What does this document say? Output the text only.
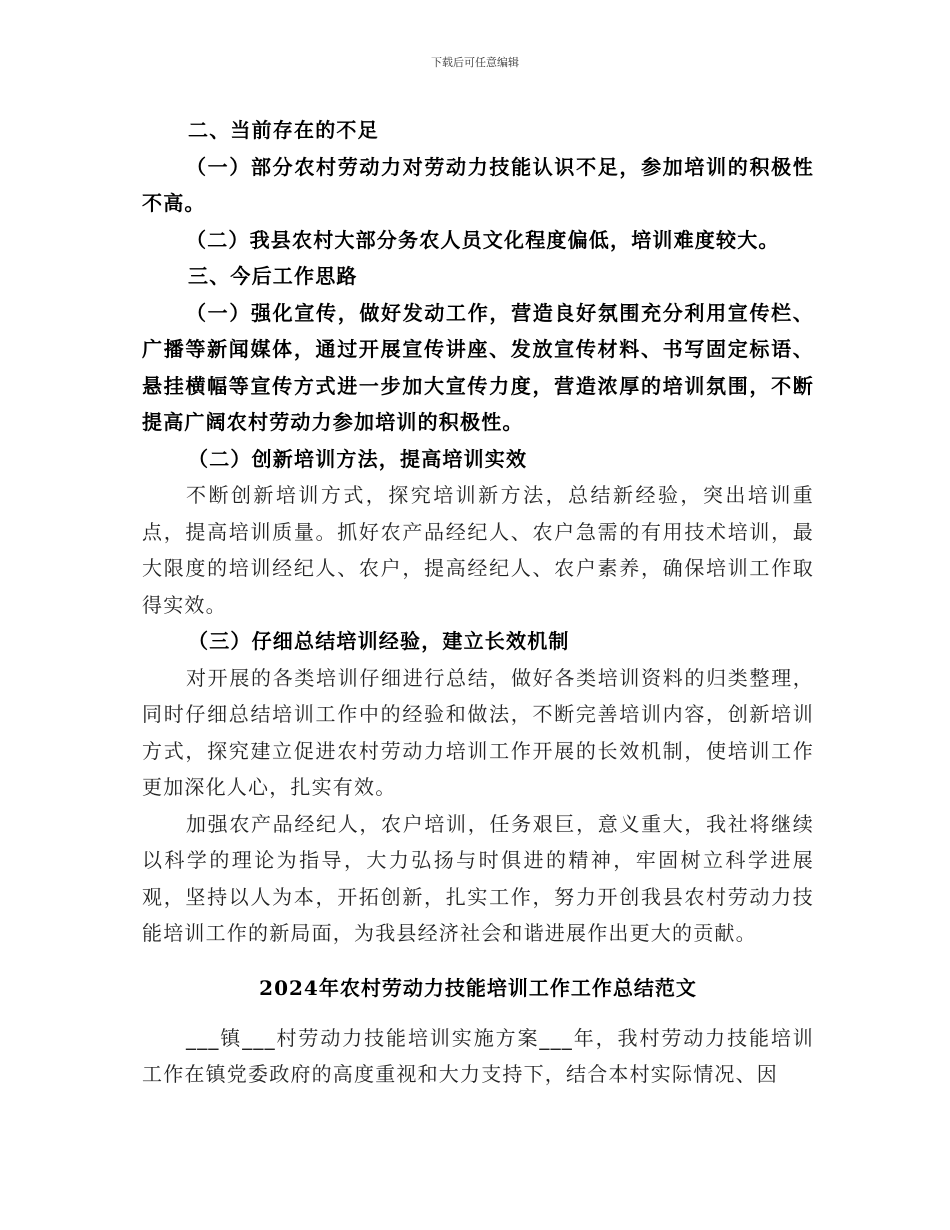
下载后可任意编辑
二、当前存在的不足

（一）部分农村劳动力对劳动力技能认识不足，参加培训的积极性不高。

（二）我县农村大部分务农人员文化程度偏低，培训难度较大。

三、今后工作思路

（一）强化宣传，做好发动工作，营造良好氛围充分利用宣传栏、广播等新闻媒体，通过开展宣传讲座、发放宣传材料、书写固定标语、悬挂横幅等宣传方式进一步加大宣传力度，营造浓厚的培训氛围，不断提高广阔农村劳动力参加培训的积极性。

（二）创新培训方法，提高培训实效

不断创新培训方式，探究培训新方法，总结新经验，突出培训重点，提高培训质量。抓好农产品经纪人、农户急需的有用技术培训，最大限度的培训经纪人、农户，提高经纪人、农户素养，确保培训工作取得实效。

（三）仔细总结培训经验，建立长效机制

对开展的各类培训仔细进行总结，做好各类培训资料的归类整理，同时仔细总结培训工作中的经验和做法，不断完善培训内容，创新培训方式，探究建立促进农村劳动力培训工作开展的长效机制，使培训工作更加深化人心，扎实有效。

加强农产品经纪人，农户培训，任务艰巨，意义重大，我社将继续以科学的理论为指导，大力弘扬与时俱进的精神，牢固树立科学进展观，坚持以人为本，开拓创新，扎实工作，努力开创我县农村劳动力技能培训工作的新局面，为我县经济社会和谐进展作出更大的贡献。

2024年农村劳动力技能培训工作工作总结范文

___镇___村劳动力技能培训实施方案___年，我村劳动力技能培训工作在镇党委政府的高度重视和大力支持下，结合本村实际情况、因
